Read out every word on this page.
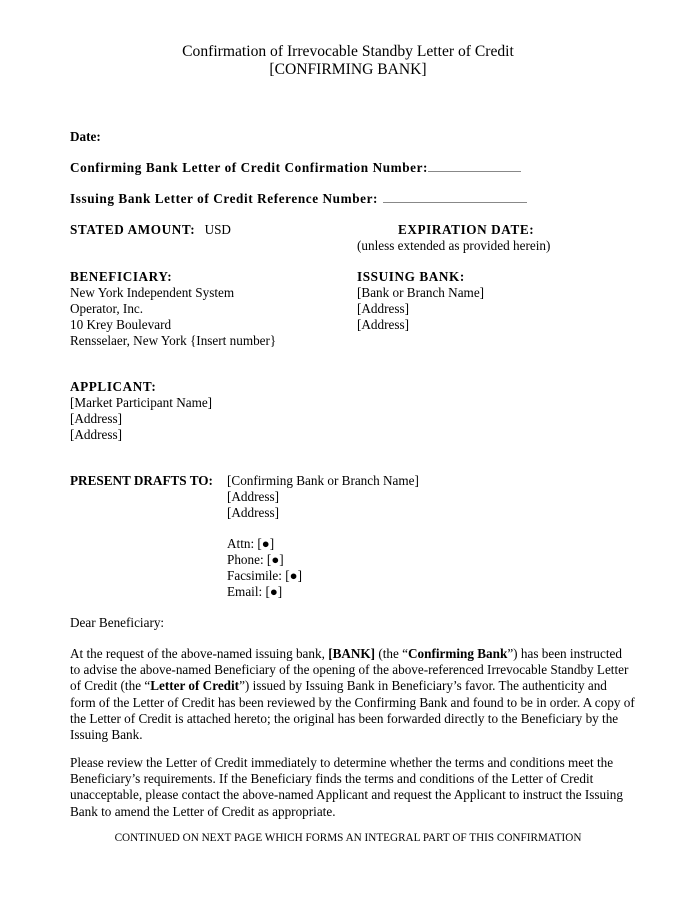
Confirmation of Irrevocable Standby Letter of Credit
[CONFIRMING BANK]
Date:
Confirming Bank Letter of Credit Confirmation Number:
Issuing Bank Letter of Credit Reference Number:
STATED AMOUNT: USD	EXPIRATION DATE:
(unless extended as provided herein)
BENEFICIARY:
New York Independent System
Operator, Inc.
10 Krey Boulevard
Rensselaer, New York {Insert number}
ISSUING BANK:
[Bank or Branch Name]
[Address]
[Address]
APPLICANT:
[Market Participant Name]
[Address]
[Address]
PRESENT DRAFTS TO: [Confirming Bank or Branch Name]
[Address]
[Address]
Attn: [●]
Phone: [●]
Facsimile: [●]
Email: [●]
Dear Beneficiary:
At the request of the above-named issuing bank, [BANK] (the “Confirming Bank”) has been instructed to advise the above-named Beneficiary of the opening of the above-referenced Irrevocable Standby Letter of Credit (the “Letter of Credit”) issued by Issuing Bank in Beneficiary’s favor. The authenticity and form of the Letter of Credit has been reviewed by the Confirming Bank and found to be in order. A copy of the Letter of Credit is attached hereto; the original has been forwarded directly to the Beneficiary by the Issuing Bank.
Please review the Letter of Credit immediately to determine whether the terms and conditions meet the Beneficiary’s requirements. If the Beneficiary finds the terms and conditions of the Letter of Credit unacceptable, please contact the above-named Applicant and request the Applicant to instruct the Issuing Bank to amend the Letter of Credit as appropriate.
CONTINUED ON NEXT PAGE WHICH FORMS AN INTEGRAL PART OF THIS CONFIRMATION
